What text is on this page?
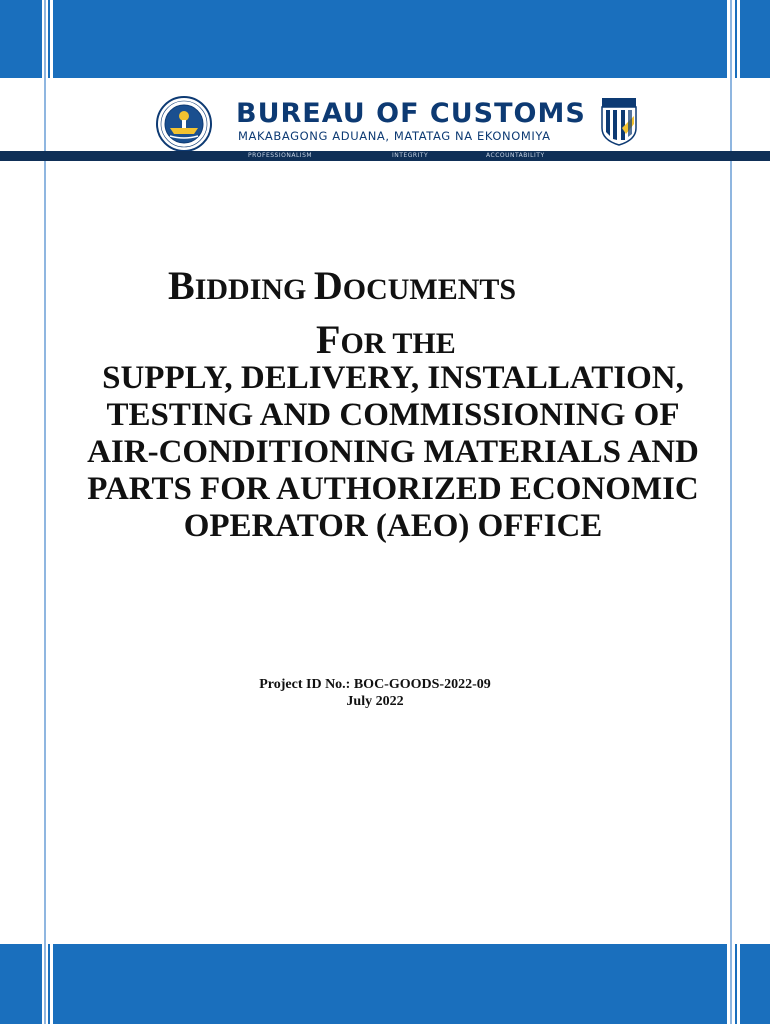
BUREAU OF CUSTOMS
MAKABAGONG ADUANA, MATATAG NA EKONOMIYA
PROFESSIONALISM	INTEGRITY	ACCOUNTABILITY
BIDDING DOCUMENTS
FOR THE
SUPPLY, DELIVERY, INSTALLATION,
TESTING AND COMMISSIONING OF
AIR-CONDITIONING MATERIALS AND
PARTS FOR AUTHORIZED ECONOMIC
OPERATOR (AEO) OFFICE
Project ID No.: BOC-GOODS-2022-09
July 2022
